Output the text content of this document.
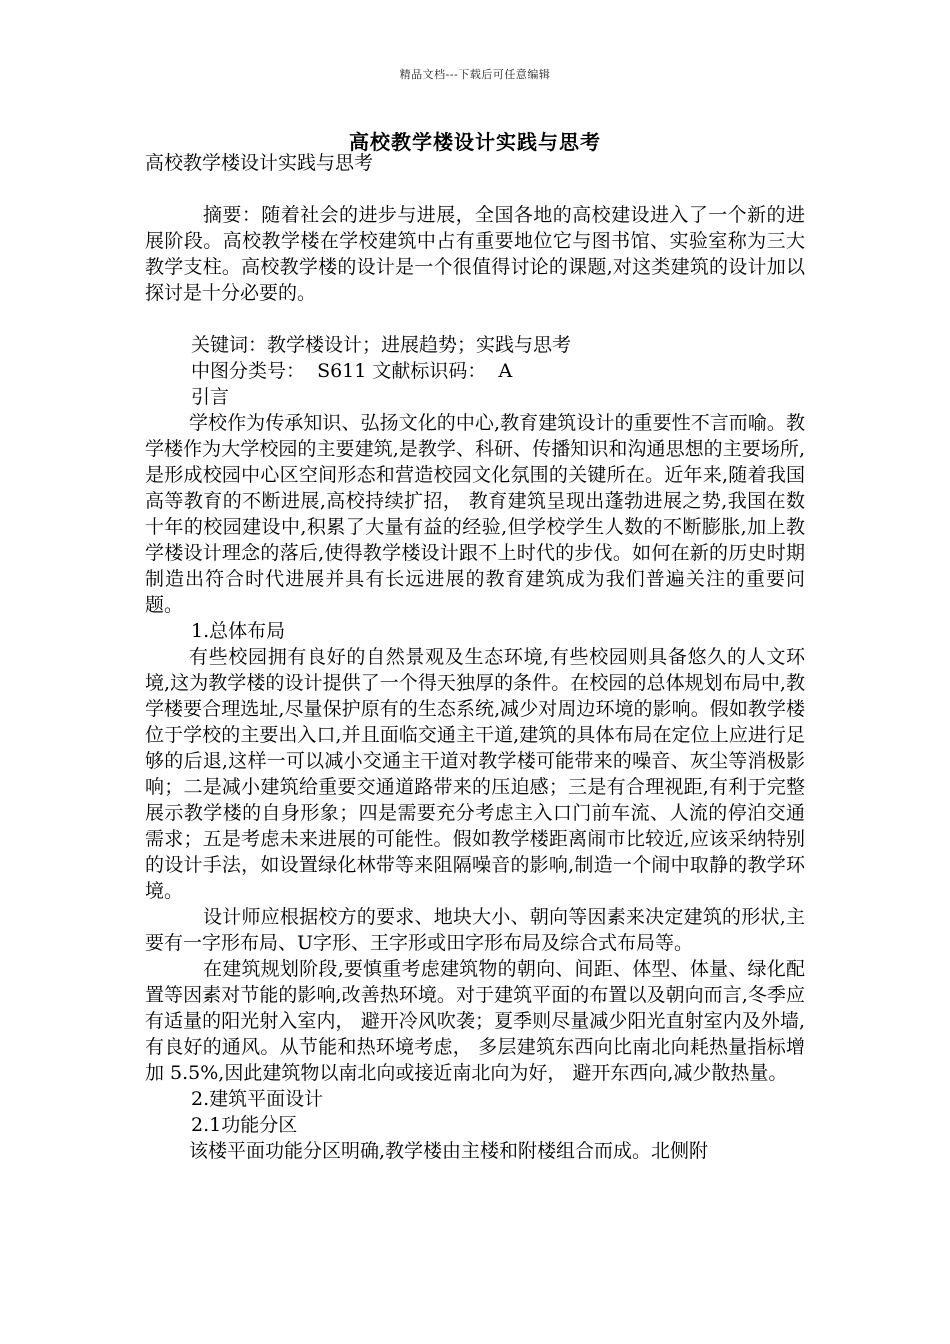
精品文档---下载后可任意编辑
高校教学楼设计实践与思考
高校教学楼设计实践与思考

摘要：随着社会的进步与进展，全国各地的高校建设进入了一个新的进展阶段。高校教学楼在学校建筑中占有重要地位它与图书馆、实验室称为三大教学支柱。高校教学楼的设计是一个很值得讨论的课题,对这类建筑的设计加以探讨是十分必要的。

关键词：教学楼设计；进展趋势；实践与思考
中图分类号：  S611 文献标识码：  A
引言

学校作为传承知识、弘扬文化的中心,教育建筑设计的重要性不言而喻。教学楼作为大学校园的主要建筑,是教学、科研、传播知识和沟通思想的主要场所,是形成校园中心区空间形态和营造校园文化氛围的关键所在。近年来,随着我国高等教育的不断进展,高校持续扩招， 教育建筑呈现出蓬勃进展之势,我国在数十年的校园建设中,积累了大量有益的经验,但学校学生人数的不断膨胀,加上教学楼设计理念的落后,使得教学楼设计跟不上时代的步伐。如何在新的历史时期制造出符合时代进展并具有长远进展的教育建筑成为我们普遍关注的重要问题。

1.总体布局

有些校园拥有良好的自然景观及生态环境,有些校园则具备悠久的人文环境,这为教学楼的设计提供了一个得天独厚的条件。在校园的总体规划布局中,教学楼要合理选址,尽量保护原有的生态系统,减少对周边环境的影响。假如教学楼位于学校的主要出入口,并且面临交通主干道,建筑的具体布局在定位上应进行足够的后退,这样一可以减小交通主干道对教学楼可能带来的噪音、灰尘等消极影响；二是减小建筑给重要交通道路带来的压迫感；三是有合理视距,有利于完整展示教学楼的自身形象；四是需要充分考虑主入口门前车流、人流的停泊交通需求；五是考虑未来进展的可能性。假如教学楼距离闹市比较近,应该采纳特别的设计手法，如设置绿化林带等来阻隔噪音的影响,制造一个闹中取静的教学环境。

设计师应根据校方的要求、地块大小、朝向等因素来决定建筑的形状,主要有一字形布局、U字形、王字形或田字形布局及综合式布局等。

在建筑规划阶段,要慎重考虑建筑物的朝向、间距、体型、体量、绿化配置等因素对节能的影响,改善热环境。对于建筑平面的布置以及朝向而言,冬季应有适量的阳光射入室内， 避开冷风吹袭；夏季则尽量减少阳光直射室内及外墙,有良好的通风。从节能和热环境考虑， 多层建筑东西向比南北向耗热量指标增加 5.5%,因此建筑物以南北向或接近南北向为好， 避开东西向,减少散热量。

2.建筑平面设计
2.1功能分区

该楼平面功能分区明确,教学楼由主楼和附楼组合而成。北侧附
